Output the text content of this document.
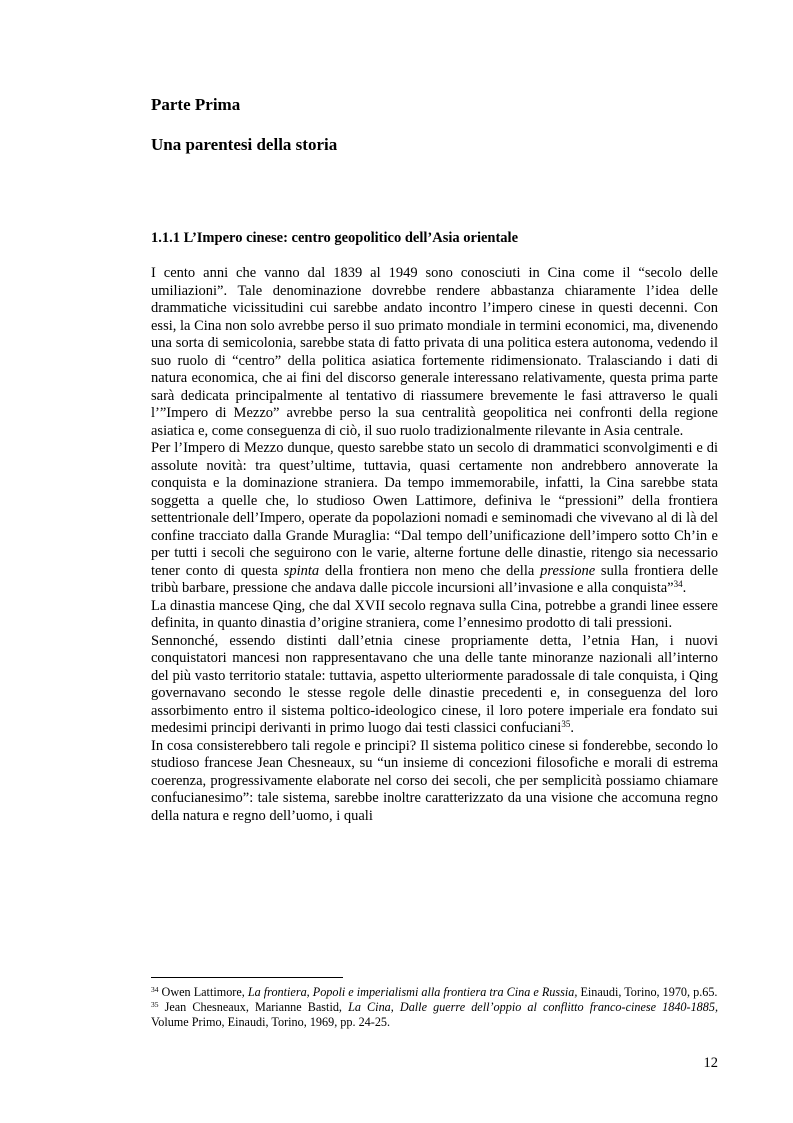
Parte Prima
Una parentesi della storia
1.1.1 L’Impero cinese: centro geopolitico dell’Asia orientale

I cento anni che vanno dal 1839 al 1949 sono conosciuti in Cina come il “secolo delle umiliazioni”. Tale denominazione dovrebbe rendere abbastanza chiaramente l’idea delle drammatiche vicissitudini cui sarebbe andato incontro l’impero cinese in questi decenni. Con essi, la Cina non solo avrebbe perso il suo primato mondiale in termini economici, ma, divenendo una sorta di semicolonia, sarebbe stata di fatto privata di una politica estera autonoma, vedendo il suo ruolo di “centro” della politica asiatica fortemente ridimensionato. Tralasciando i dati di natura economica, che ai fini del discorso generale interessano relativamente, questa prima parte sarà dedicata principalmente al tentativo di riassumere brevemente le fasi attraverso le quali l’”Impero di Mezzo” avrebbe perso la sua centralità geopolitica nei confronti della regione asiatica e, come conseguenza di ciò, il suo ruolo tradizionalmente rilevante in Asia centrale.

Per l’Impero di Mezzo dunque, questo sarebbe stato un secolo di drammatici sconvolgimenti e di assolute novità: tra quest’ultime, tuttavia, quasi certamente non andrebbero annoverate la conquista e la dominazione straniera. Da tempo immemorabile, infatti, la Cina sarebbe stata soggetta a quelle che, lo studioso Owen Lattimore, definiva le “pressioni” della frontiera settentrionale dell’Impero, operate da popolazioni nomadi e seminomadi che vivevano al di là del confine tracciato dalla Grande Muraglia: “Dal tempo dell’unificazione dell’impero sotto Ch’in e per tutti i secoli che seguirono con le varie, alterne fortune delle dinastie, ritengo sia necessario tener conto di questa spinta della frontiera non meno che della pressione sulla frontiera delle tribù barbare, pressione che andava dalle piccole incursioni all’invasione e alla conquista”$^{34}$.

La dinastia mancese Qing, che dal XVII secolo regnava sulla Cina, potrebbe a grandi linee essere definita, in quanto dinastia d’origine straniera, come l’ennesimo prodotto di tali pressioni.

Sennonché, essendo distinti dall’etnia cinese propriamente detta, l’etnia Han, i nuovi conquistatori mancesi non rappresentavano che una delle tante minoranze nazionali all’interno del più vasto territorio statale: tuttavia, aspetto ulteriormente paradossale di tale conquista, i Qing governavano secondo le stesse regole delle dinastie precedenti e, in conseguenza del loro assorbimento entro il sistema poltico-ideologico cinese, il loro potere imperiale era fondato sui medesimi principi derivanti in primo luogo dai testi classici confuciani$^{35}$.

In cosa consisterebbero tali regole e principi? Il sistema politico cinese si fonderebbe, secondo lo studioso francese Jean Chesneaux, su “un insieme di concezioni filosofiche e morali di estrema coerenza, progressivamente elaborate nel corso dei secoli, che per semplicità possiamo chiamare confucianesimo”: tale sistema, sarebbe inoltre caratterizzato da una visione che accomuna regno della natura e regno dell’uomo, i quali

$^{34}$ Owen Lattimore, La frontiera, Popoli e imperialismi alla frontiera tra Cina e Russia, Einaudi, Torino, 1970, p.65.

$^{35}$ Jean Chesneaux, Marianne Bastid, La Cina, Dalle guerre dell’oppio al conflitto franco-cinese 1840-1885, Volume Primo, Einaudi, Torino, 1969, pp. 24-25.

12
